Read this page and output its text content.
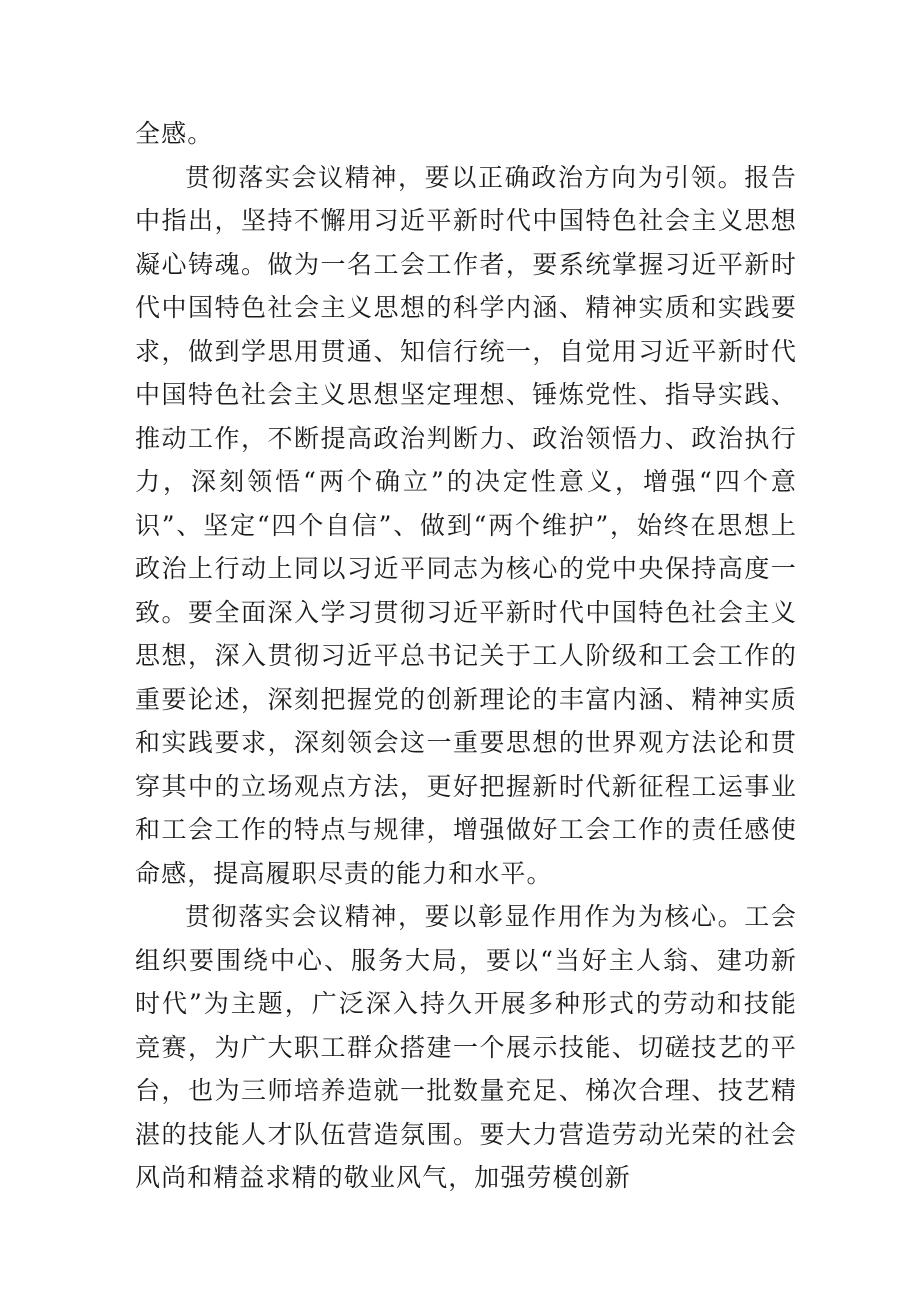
全感。

贯彻落实会议精神，要以正确政治方向为引领。报告中指出，坚持不懈用习近平新时代中国特色社会主义思想凝心铸魂。做为一名工会工作者，要系统掌握习近平新时代中国特色社会主义思想的科学内涵、精神实质和实践要求，做到学思用贯通、知信行统一，自觉用习近平新时代中国特色社会主义思想坚定理想、锤炼党性、指导实践、推动工作，不断提高政治判断力、政治领悟力、政治执行力，深刻领悟“两个确立”的决定性意义，增强“四个意识”、坚定“四个自信”、做到“两个维护”，始终在思想上政治上行动上同以习近平同志为核心的党中央保持高度一致。要全面深入学习贯彻习近平新时代中国特色社会主义思想，深入贯彻习近平总书记关于工人阶级和工会工作的重要论述，深刻把握党的创新理论的丰富内涵、精神实质和实践要求，深刻领会这一重要思想的世界观方法论和贯穿其中的立场观点方法，更好把握新时代新征程工运事业和工会工作的特点与规律，增强做好工会工作的责任感使命感，提高履职尽责的能力和水平。

贯彻落实会议精神，要以彰显作用作为为核心。工会组织要围绕中心、服务大局，要以“当好主人翁、建功新时代”为主题，广泛深入持久开展多种形式的劳动和技能竞赛，为广大职工群众搭建一个展示技能、切磋技艺的平台，也为三师培养造就一批数量充足、梯次合理、技艺精湛的技能人才队伍营造氛围。要大力营造劳动光荣的社会风尚和精益求精的敬业风气，加强劳模创新
